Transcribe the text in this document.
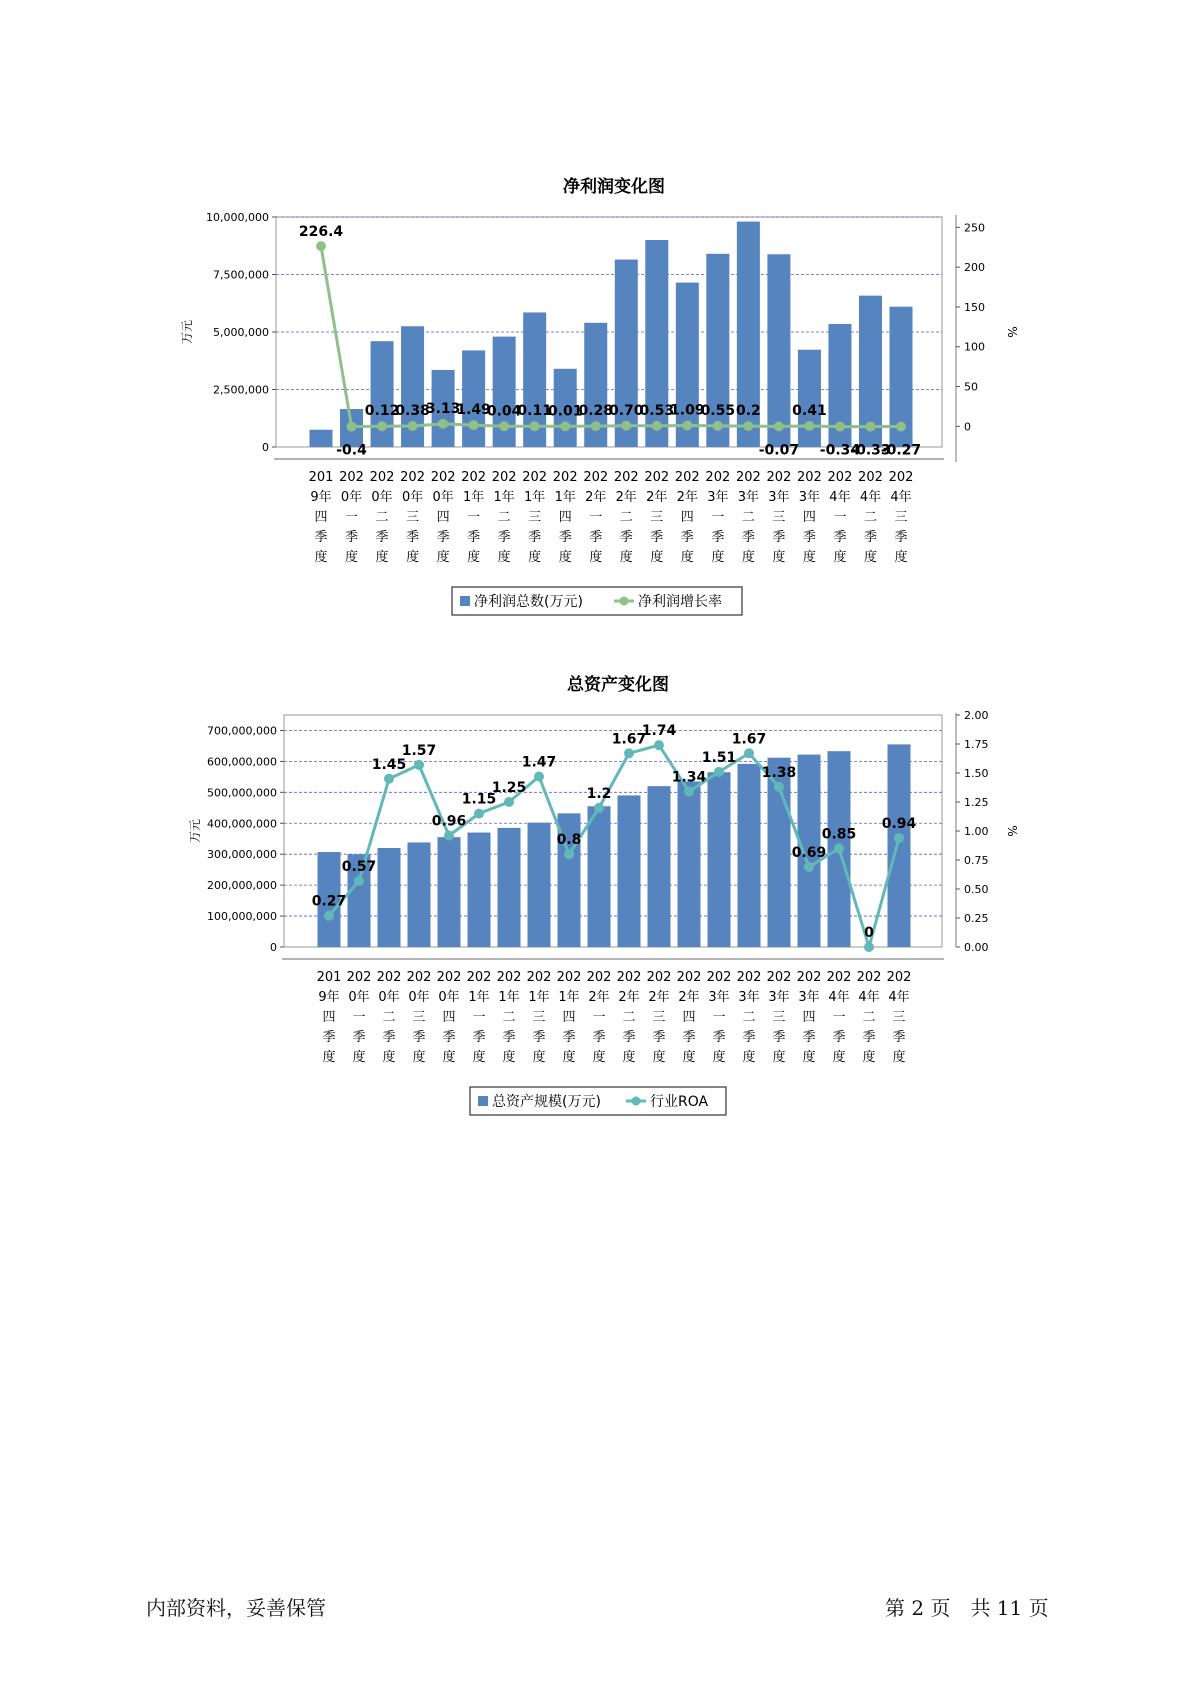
净利润变化图
0
2,500,000
5,000,000
7,500,000
10,000,000
0
50
100
150
200
250
万元	%
201
9年
四
季
度
202
0年
一
季
度
202
0年
二
季
度
202
0年
三
季
度
202
0年
四
季
度
202
1年
一
季
度
202
1年
二
季
度
202
1年
三
季
度
202
1年
四
季
度
202
2年
一
季
度
202
2年
二
季
度
202
2年
三
季
度
202
2年
四
季
度
202
3年
一
季
度
202
3年
二
季
度
202
3年
三
季
度
202
3年
四
季
度
202
4年
一
季
度
202
4年
二
季
度
202
4年
三
季
度
226.4
-0.4
0.12
0.38
3.13
1.49
0.04
0.11
0.01
0.28
0.70
0.53
1.09
0.55 0.2
-0.07
0.41
-0.34
-0.33
-0.27
净利润总数(万元)	净利润增长率
总资产变化图
0
100,000,000
200,000,000
300,000,000
400,000,000
500,000,000
600,000,000
700,000,000
0.00
0.25
0.50
0.75
1.00
1.25
1.50
1.75
2.00
万元	%
201
9年
四
季
度
202
0年
一
季
度
202
0年
二
季
度
202
0年
三
季
度
202
0年
四
季
度
202
1年
一
季
度
202
1年
二
季
度
202
1年
三
季
度
202
1年
四
季
度
202
2年
一
季
度
202
2年
二
季
度
202
2年
三
季
度
202
2年
四
季
度
202
3年
一
季
度
202
3年
二
季
度
202
3年
三
季
度
202
3年
四
季
度
202
4年
一
季
度
202
4年
二
季
度
202
4年
三
季
度
0.27
0.57
1.45
1.57
0.96
1.15
1.25
1.47
0.8
1.2
1.67
1.74
1.34
1.51
1.67
1.38
0.69
0.85
0
0.94
总资产规模(万元)	行业ROA
内部资料，妥善保管	第 2 页　共 11 页
